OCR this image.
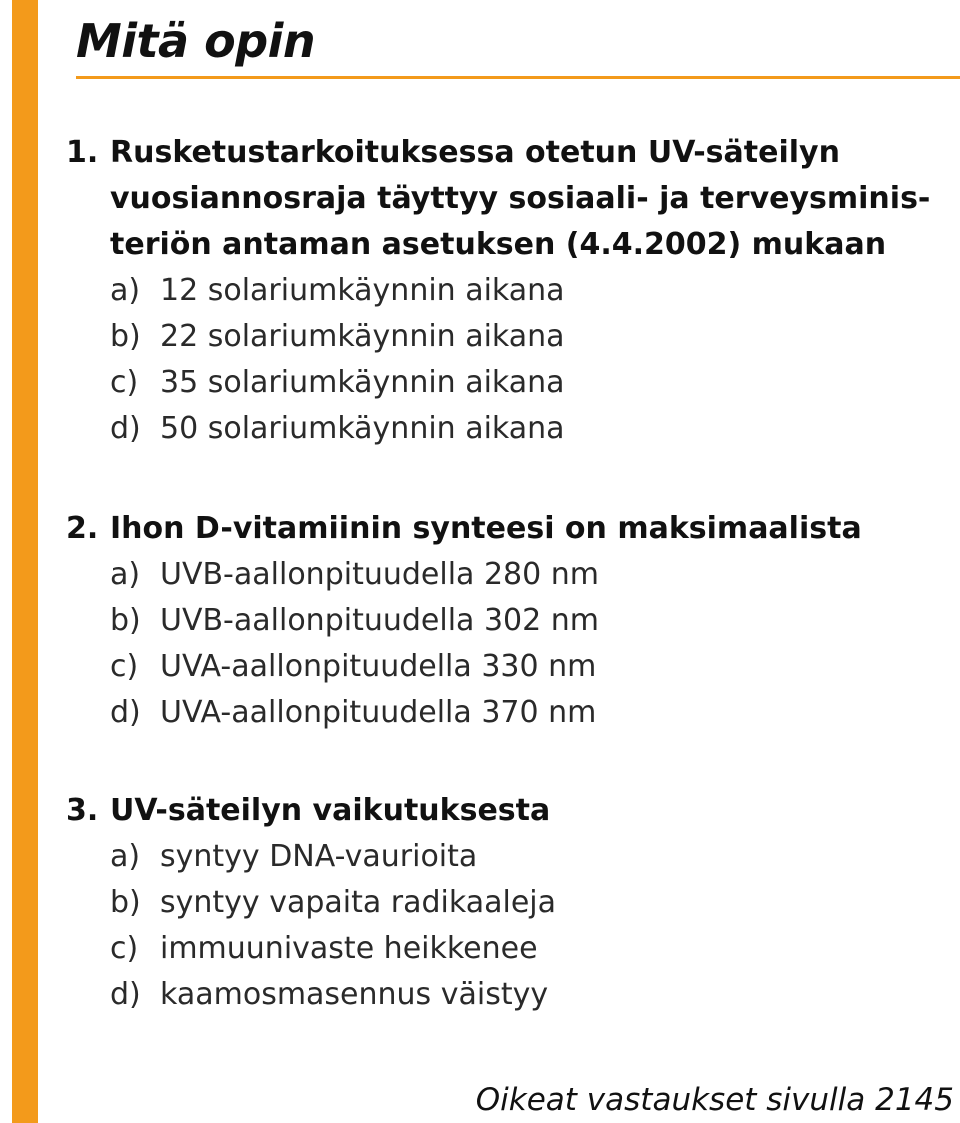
Mitä opin
1. Rusketustarkoituksessa otetun UV-säteilyn
vuosiannosraja täyttyy sosiaali- ja terveysminis-
teriön antaman asetuksen (4.4.2002) mukaan
a) 12 solariumkäynnin aikana
b) 22 solariumkäynnin aikana
c) 35 solariumkäynnin aikana
d) 50 solariumkäynnin aikana
2. Ihon D-vitamiinin synteesi on maksimaalista
a) UVB-aallonpituudella 280 nm
b) UVB-aallonpituudella 302 nm
c) UVA-aallonpituudella 330 nm
d) UVA-aallonpituudella 370 nm
3. UV-säteilyn vaikutuksesta
a) syntyy DNA-vaurioita
b) syntyy vapaita radikaaleja
c) immuunivaste heikkenee
d) kaamosmasennus väistyy
Oikeat vastaukset sivulla 2145
